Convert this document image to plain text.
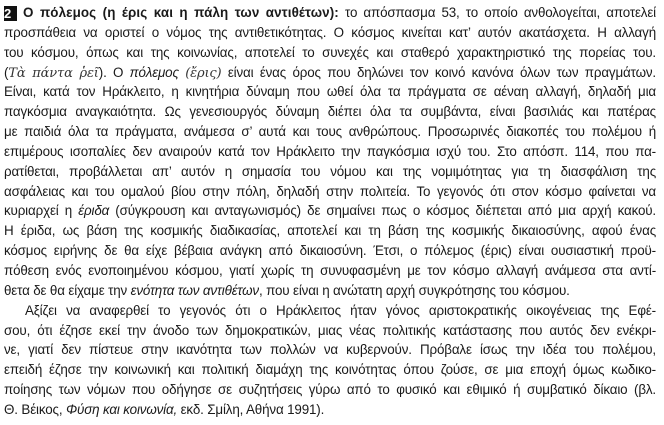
2 Ο πόλεμος (η έρις και η πάλη των αντιθέτων): το απόσπασμα 53, το οποίο ανθολογείται, αποτελεί
προσπάθεια να οριστεί ο νόμος της αντιθετικότητας. Ο κόσμος κινείται κατ’ αυτόν ακατάσχετα. Η αλλαγή
του κόσμου, όπως και της κοινωνίας, αποτελεί το συνεχές και σταθερό χαρακτηριστικό της πορείας του.
(Τὰ πάντα ῥεῖ). Ο πόλεμος (ἔρις) είναι ένας όρος που δηλώνει τον κοινό κανόνα όλων των πραγμάτων.
Είναι, κατά τον Ηράκλειτο, η κινητήρια δύναμη που ωθεί όλα τα πράγματα σε αέναη αλλαγή, δηλαδή μια
παγκόσμια αναγκαιότητα. Ως γενεσιουργός δύναμη διέπει όλα τα συμβάντα, είναι βασιλιάς και πατέρας
με παιδιά όλα τα πράγματα, ανάμεσα σ’ αυτά και τους ανθρώπους. Προσωρινές διακοπές του πολέμου ή
επιμέρους ισοπαλίες δεν αναιρούν κατά τον Ηράκλειτο την παγκόσμια ισχύ του. Στο απόσπ. 114, που πα-
ρατίθεται, προβάλλεται απ’ αυτόν η σημασία του νόμου και της νομιμότητας για τη διασφάλιση της
ασφάλειας και του ομαλού βίου στην πόλη, δηλαδή στην πολιτεία. Το γεγονός ότι στον κόσμο φαίνεται να
κυριαρχεί η έριδα (σύγκρουση και ανταγωνισμός) δε σημαίνει πως ο κόσμος διέπεται από μια αρχή κακού.
Η έριδα, ως βάση της κοσμικής διαδικασίας, αποτελεί και τη βάση της κοσμικής δικαιοσύνης, αφού ένας
κόσμος ειρήνης δε θα είχε βέβαια ανάγκη από δικαιοσύνη. Έτσι, ο πόλεμος (έρις) είναι ουσιαστική προϋ-
πόθεση ενός ενοποιημένου κόσμου, γιατί χωρίς τη συνυφασμένη με τον κόσμο αλλαγή ανάμεσα στα αντί-
θετα δε θα είχαμε την ενότητα των αντιθέτων, που είναι η ανώτατη αρχή συγκρότησης του κόσμου.
Αξίζει να αναφερθεί το γεγονός ότι ο Ηράκλειτος ήταν γόνος αριστοκρατικής οικογένειας της Εφέ-
σου, ότι έζησε εκεί την άνοδο των δημοκρατικών, μιας νέας πολιτικής κατάστασης που αυτός δεν ενέκρι-
νε, γιατί δεν πίστευε στην ικανότητα των πολλών να κυβερνούν. Πρόβαλε ίσως την ιδέα του πολέμου,
επειδή έζησε την κοινωνική και πολιτική διαμάχη της κοινότητας όπου ζούσε, σε μια εποχή όμως κωδικο-
ποίησης των νόμων που οδήγησε σε συζητήσεις γύρω από το φυσικό και εθιμικό ή συμβατικό δίκαιο (βλ.
Θ. Βέικος, Φύση και κοινωνία, εκδ. Σμίλη, Αθήνα 1991).
